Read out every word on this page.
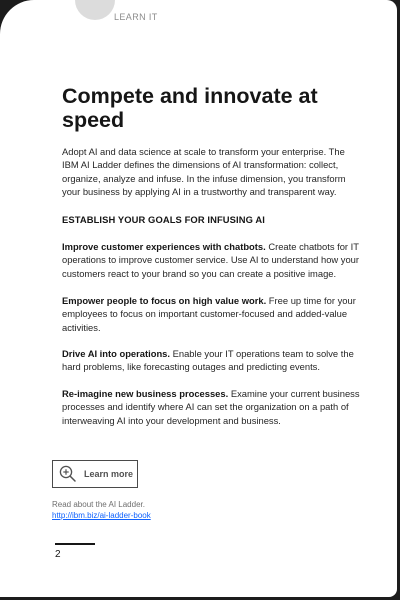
LEARN IT
Compete and innovate at speed

Adopt AI and data science at scale to transform your enterprise. The IBM AI Ladder defines the dimensions of AI transformation: collect, organize, analyze and infuse. In the infuse dimension, you transform your business by applying AI in a trustworthy and transparent way.

ESTABLISH YOUR GOALS FOR INFUSING AI

Improve customer experiences with chatbots. Create chatbots for IT operations to improve customer service. Use AI to understand how your customers react to your brand so you can create a positive image.

Empower people to focus on high value work. Free up time for your employees to focus on important customer-focused and added-value activities.

Drive AI into operations. Enable your IT operations team to solve the hard problems, like forecasting outages and predicting events.

Re-imagine new business processes. Examine your current business processes and identify where AI can set the organization on a path of interweaving AI into your development and business.

Learn more
Read about the AI Ladder.
http://ibm.biz/ai-ladder-book
2
